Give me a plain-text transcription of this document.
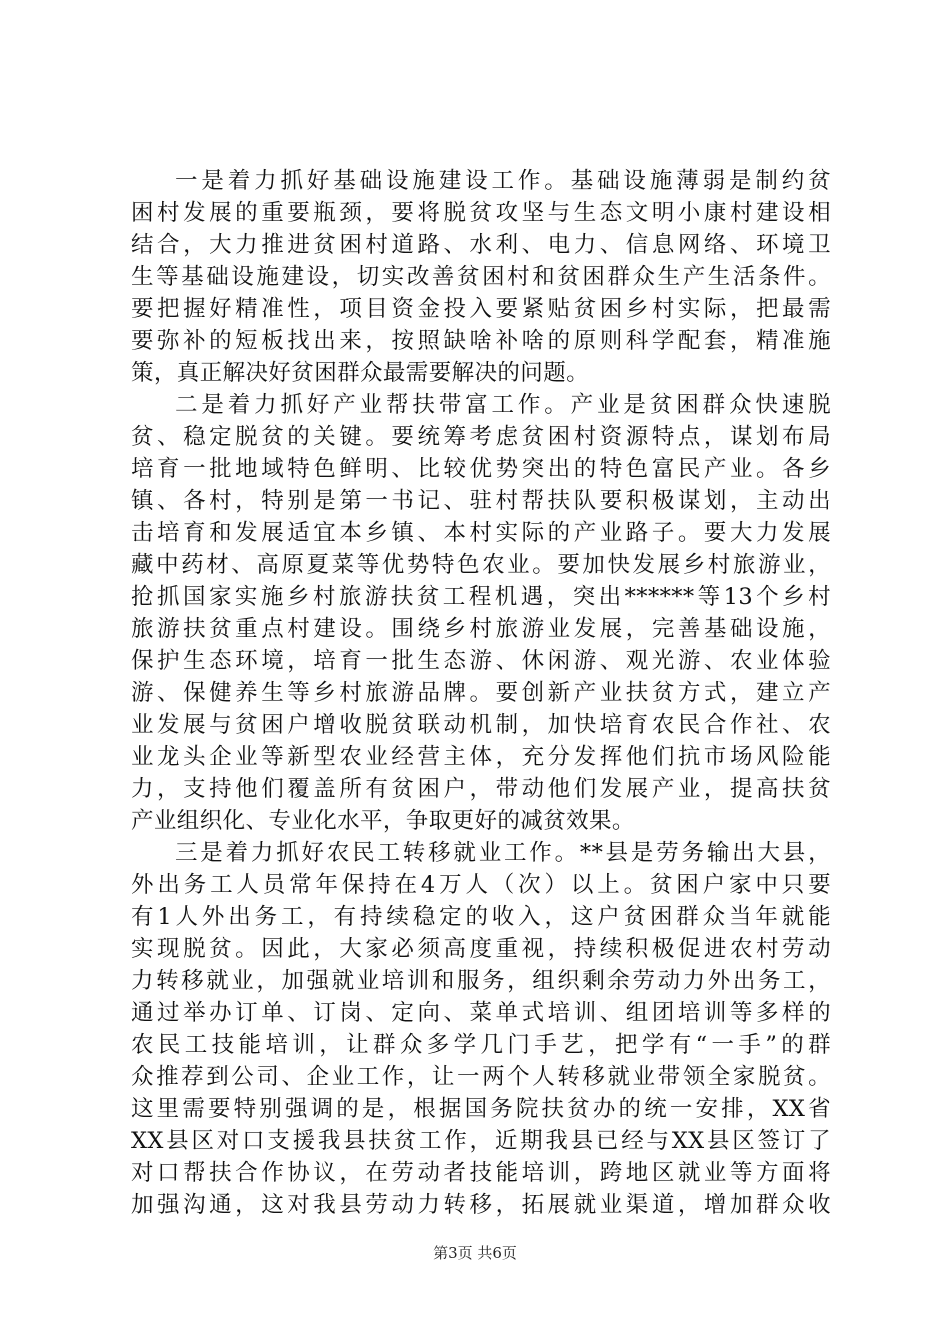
一是着力抓好基础设施建设工作。基础设施薄弱是制约贫
困村发展的重要瓶颈，要将脱贫攻坚与生态文明小康村建设相
结合，大力推进贫困村道路、水利、电力、信息网络、环境卫
生等基础设施建设，切实改善贫困村和贫困群众生产生活条件。
要把握好精准性，项目资金投入要紧贴贫困乡村实际，把最需
要弥补的短板找出来，按照缺啥补啥的原则科学配套，精准施
策，真正解决好贫困群众最需要解决的问题。
二是着力抓好产业帮扶带富工作。产业是贫困群众快速脱
贫、稳定脱贫的关键。要统筹考虑贫困村资源特点，谋划布局
培育一批地域特色鲜明、比较优势突出的特色富民产业。各乡
镇、各村，特别是第一书记、驻村帮扶队要积极谋划，主动出
击培育和发展适宜本乡镇、本村实际的产业路子。要大力发展
藏中药材、高原夏菜等优势特色农业。要加快发展乡村旅游业，
抢抓国家实施乡村旅游扶贫工程机遇，突出******等13个乡村
旅游扶贫重点村建设。围绕乡村旅游业发展，完善基础设施，
保护生态环境，培育一批生态游、休闲游、观光游、农业体验
游、保健养生等乡村旅游品牌。要创新产业扶贫方式，建立产
业发展与贫困户增收脱贫联动机制，加快培育农民合作社、农
业龙头企业等新型农业经营主体，充分发挥他们抗市场风险能
力，支持他们覆盖所有贫困户，带动他们发展产业，提高扶贫
产业组织化、专业化水平，争取更好的减贫效果。
三是着力抓好农民工转移就业工作。**县是劳务输出大县，
外出务工人员常年保持在4万人（次）以上。贫困户家中只要
有1人外出务工，有持续稳定的收入，这户贫困群众当年就能
实现脱贫。因此，大家必须高度重视，持续积极促进农村劳动
力转移就业，加强就业培训和服务，组织剩余劳动力外出务工，
通过举办订单、订岗、定向、菜单式培训、组团培训等多样的
农民工技能培训，让群众多学几门手艺，把学有“一手”的群
众推荐到公司、企业工作，让一两个人转移就业带领全家脱贫。
这里需要特别强调的是，根据国务院扶贫办的统一安排，XX省
XX县区对口支援我县扶贫工作，近期我县已经与XX县区签订了
对口帮扶合作协议，在劳动者技能培训，跨地区就业等方面将
加强沟通，这对我县劳动力转移，拓展就业渠道，增加群众收
第3页 共6页
